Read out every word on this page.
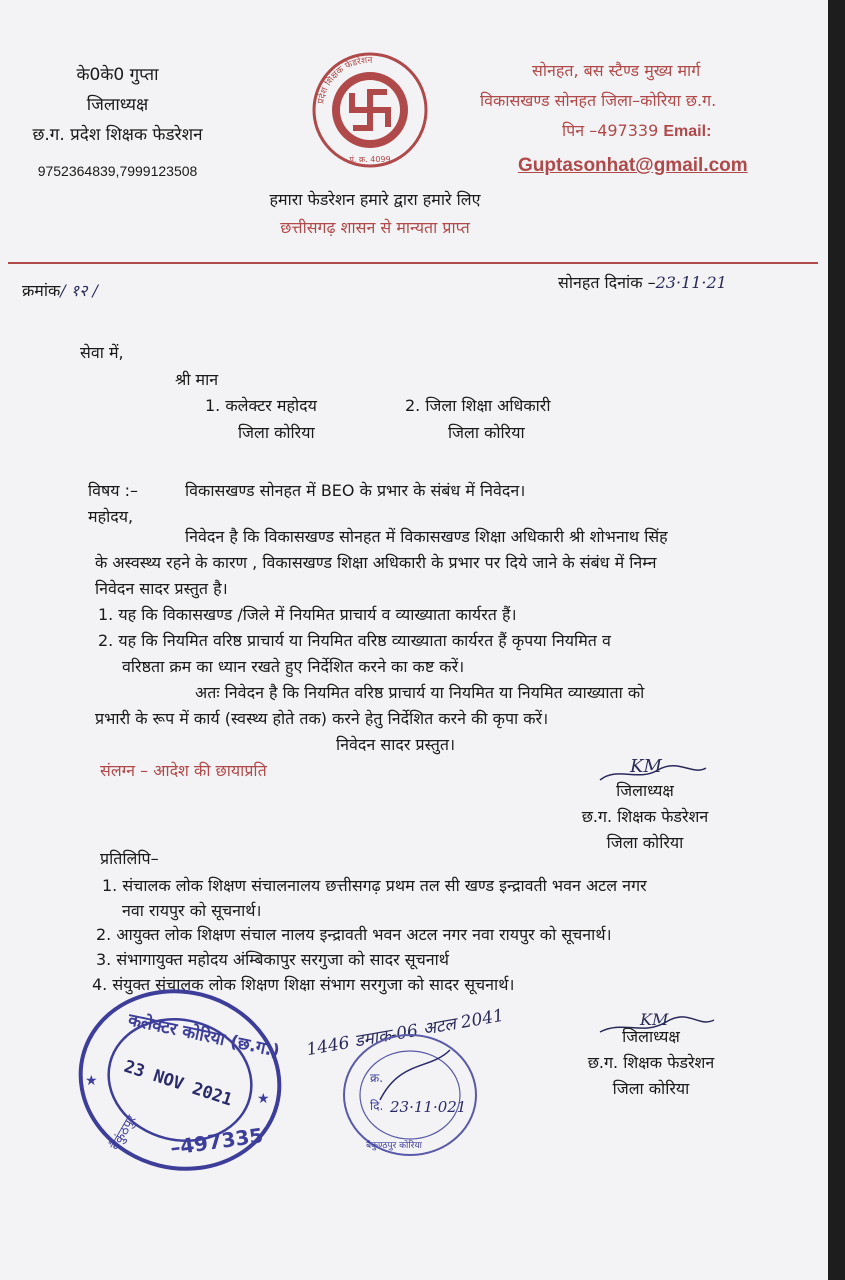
के0के0 गुप्ता
जिलाध्यक्ष
छ.ग. प्रदेश शिक्षक फेडरेशन
9752364839,7999123508
प्रदेश शिक्षक फेडरेशन
पं. क्र. 4099
सोनहत, बस स्टैण्ड मुख्य मार्ग
विकासखण्ड सोनहत जिला–कोरिया छ.ग.
पिन –497339 Email:
Guptasonhat@gmail.com
हमारा फेडरेशन हमारे द्वारा हमारे लिए
छत्तीसगढ़ शासन से मान्यता प्राप्त
क्रमांक/ १२ /	सोनहत दिनांक –23·11·21
सेवा में,
श्री मान
1. कलेक्टर महोदय
जिला कोरिया
2. जिला शिक्षा अधिकारी
जिला कोरिया
विषय :–	विकासखण्ड सोनहत में BEO के प्रभार के संबंध में निवेदन।
महोदय,
निवेदन है कि विकासखण्ड सोनहत में विकासखण्ड शिक्षा अधिकारी श्री शोभनाथ सिंह
के अस्वस्थ्य रहने के कारण , विकासखण्ड शिक्षा अधिकारी के प्रभार पर दिये जाने के संबंध में निम्न
निवेदन सादर प्रस्तुत है।
1. यह कि विकासखण्ड /जिले में नियमित प्राचार्य व व्याख्याता कार्यरत हैं।
2. यह कि नियमित वरिष्ठ प्राचार्य या नियमित वरिष्ठ व्याख्याता कार्यरत हैं कृपया नियमित व
वरिष्ठता क्रम का ध्यान रखते हुए निर्देशित करने का कष्ट करें।
अतः निवेदन है कि नियमित वरिष्ठ प्राचार्य या नियमित या नियमित व्याख्याता को
प्रभारी के रूप में कार्य (स्वस्थ्य होते तक) करने हेतु निर्देशित करने की कृपा करें।
निवेदन सादर प्रस्तुत।
संलग्न – आदेश की छायाप्रति	KM
जिलाध्यक्ष
छ.ग. शिक्षक फेडरेशन
जिला कोरिया
प्रतिलिपि–
1. संचालक लोक शिक्षण संचालनालय छत्तीसगढ़ प्रथम तल सी खण्ड इन्द्रावती भवन अटल नगर
नवा रायपुर को सूचनार्थ।
2. आयुक्त लोक शिक्षण संचाल नालय इन्द्रावती भवन अटल नगर नवा रायपुर को सूचनार्थ।
3. संभागायुक्त महोदय अंम्बिकापुर सरगुजा को सादर सूचनार्थ
4. संयुक्त संचालक लोक शिक्षण शिक्षा संभाग सरगुजा को सादर सूचनार्थ।
KM
जिलाध्यक्ष
छ.ग. शिक्षक फेडरेशन
जिला कोरिया
1446 डमाक-06 अटल 2041
कलेक्टर कोरिया (छ.ग.)
23 NOV 2021
–497335
बैकुंठपुर
★
★
क्र.
दि. 23·11·021
बैकुण्ठपुर कोरिया
